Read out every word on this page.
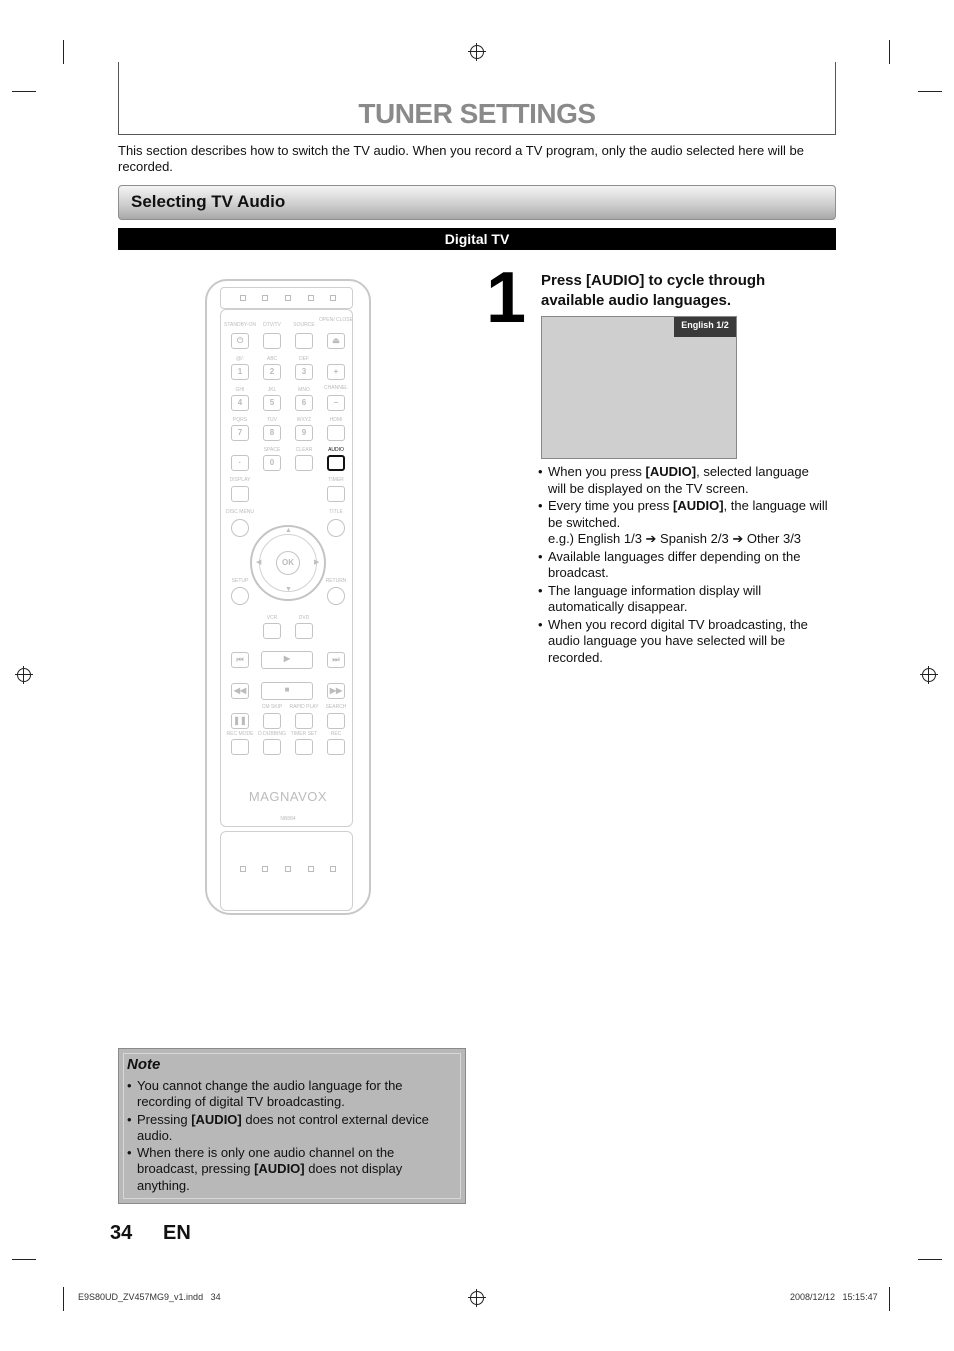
TUNER SETTINGS
This section describes how to switch the TV audio. When you record a TV program, only the audio selected here will be recorded.
Selecting TV Audio
Digital TV
STANDBY-ON	DTV/TV	SOURCE
OPEN/ CLOSE
⏻	⏏
@/:	ABC	DEF
1	2	3	+
GHI	JKL	MNO	CHANNEL
4	5	6	–
PQRS	TUV	WXYZ	HDMI
7	8	9
SPACE	CLEAR	AUDIO
·	0
DISPLAY	TIMER
DISC MENU	TITLE
OK
▲
▼
◀	▶
SETUP	RETURN
VCR	DVD
⏮	▶	⏭
◀◀	■	▶▶
CM SKIP	RAPID PLAY	SEARCH
❚❚
REC MODE D.DUBBING TIMER SET	REC
MAGNAVOX
NB884
1 Press [AUDIO] to cycle through available audio languages.
English 1/2
• When you press [AUDIO], selected language will be displayed on the TV screen.
• Every time you press [AUDIO], the language will be switched.
e.g.) English 1/3 ➔ Spanish 2/3 ➔ Other 3/3
• Available languages differ depending on the broadcast.
• The language information display will automatically disappear.
• When you record digital TV broadcasting, the audio language you have selected will be recorded.
Note
• You cannot change the audio language for the recording of digital TV broadcasting.
• Pressing [AUDIO] does not control external device audio.
• When there is only one audio channel on the broadcast, pressing [AUDIO] does not display anything.
34 EN
E9S80UD_ZV457MG9_v1.indd   34	2008/12/12   15:15:47
